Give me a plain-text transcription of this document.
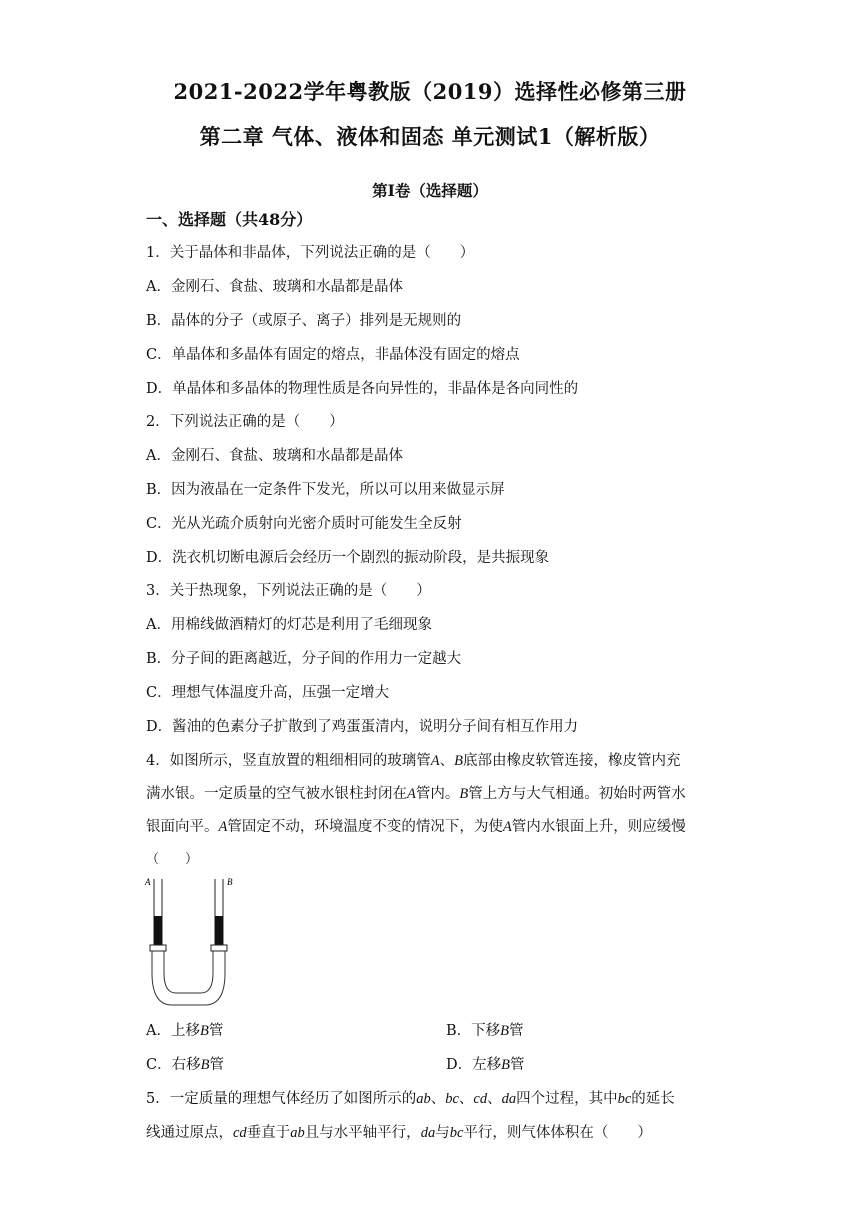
2021-2022学年粤教版（2019）选择性必修第三册
第二章 气体、液体和固态 单元测试1（解析版）
第Ⅰ卷（选择题）
一、选择题（共48分）
1．关于晶体和非晶体，下列说法正确的是（　　）
A．金刚石、食盐、玻璃和水晶都是晶体
B．晶体的分子（或原子、离子）排列是无规则的
C．单晶体和多晶体有固定的熔点，非晶体没有固定的熔点
D．单晶体和多晶体的物理性质是各向异性的，非晶体是各向同性的
2．下列说法正确的是（　　）
A．金刚石、食盐、玻璃和水晶都是晶体
B．因为液晶在一定条件下发光，所以可以用来做显示屏
C．光从光疏介质射向光密介质时可能发生全反射
D．洗衣机切断电源后会经历一个剧烈的振动阶段，是共振现象
3．关于热现象，下列说法正确的是（　　）
A．用棉线做酒精灯的灯芯是利用了毛细现象
B．分子间的距离越近，分子间的作用力一定越大
C．理想气体温度升高，压强一定增大
D．酱油的色素分子扩散到了鸡蛋蛋清内，说明分子间有相互作用力
4．如图所示，竖直放置的粗细相同的玻璃管A、B底部由橡皮软管连接，橡皮管内充
满水银。一定质量的空气被水银柱封闭在A管内。B管上方与大气相通。初始时两管水
银面向平。A管固定不动，环境温度不变的情况下，为使A管内水银面上升，则应缓慢
（　　）
A	B
A．上移B管	B．下移B管
C．右移B管	D．左移B管
5．一定质量的理想气体经历了如图所示的ab、bc、cd、da四个过程，其中bc的延长
线通过原点，cd垂直于ab且与水平轴平行，da与bc平行，则气体体积在（　　）
